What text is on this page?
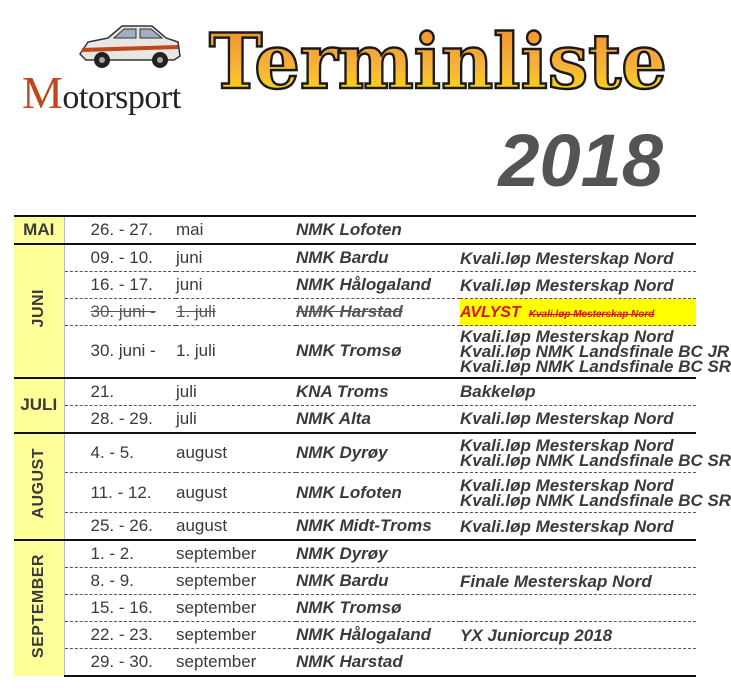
Motorsport Terminliste
2018
MAI	26. - 27.	mai	NMK Lofoten	
JUNI	09. - 10.	juni	NMK Bardu	Kvali.løp Mesterskap Nord

	16. - 17.	juni	NMK Hålogaland	Kvali.løp Mesterskap Nord

	30. juni -	1. juli	NMK Harstad	AVLYST Kvali.løp Mesterskap Nord
	30. juni -	1. juli	NMK Tromsø	Kvali.løp Mesterskap Nord
Kvali.løp NMK Landsfinale BC JR
Kvali.løp NMK Landsfinale BC SR

JULI	21.	juli	KNA Troms	Bakkeløp

	28. - 29.	juli	NMK Alta	Kvali.løp Mesterskap Nord

AUGUST	4. - 5.	august	NMK Dyrøy	Kvali.løp Mesterskap Nord
Kvali.løp NMK Landsfinale BC SR

	11. - 12.	august	NMK Lofoten	Kvali.løp Mesterskap Nord
Kvali.løp NMK Landsfinale BC SR

	25. - 26.	august	NMK Midt-Troms	Kvali.løp Mesterskap Nord

SEPTEMBER	1. - 2.	september	NMK Dyrøy	
	8. - 9.	september	NMK Bardu	Finale Mesterskap Nord

	15. - 16.	september	NMK Tromsø	
	22. - 23.	september	NMK Hålogaland	YX Juniorcup 2018

	29. - 30.	september	NMK Harstad	
